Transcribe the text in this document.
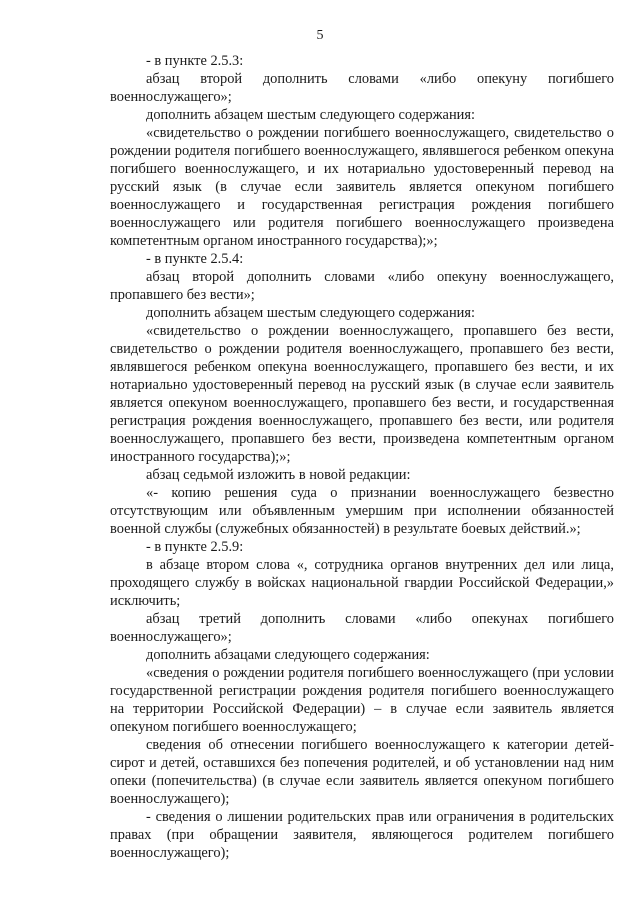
5

- в пункте 2.5.3:

абзац второй дополнить словами «либо опекуну погибшего военнослужащего»;

дополнить абзацем шестым следующего содержания:

«свидетельство о рождении погибшего военнослужащего, свидетельство о рождении родителя погибшего военнослужащего, являвшегося ребенком опекуна погибшего военнослужащего, и их нотариально удостоверенный перевод на русский язык (в случае если заявитель является опекуном погибшего военнослужащего и государственная регистрация рождения погибшего военнослужащего или родителя погибшего военнослужащего произведена компетентным органом иностранного государства);»;

- в пункте 2.5.4:

абзац второй дополнить словами «либо опекуну военнослужащего, пропавшего без вести»;

дополнить абзацем шестым следующего содержания:

«свидетельство о рождении военнослужащего, пропавшего без вести, свидетельство о рождении родителя военнослужащего, пропавшего без вести, являвшегося ребенком опекуна военнослужащего, пропавшего без вести, и их нотариально удостоверенный перевод на русский язык (в случае если заявитель является опекуном военнослужащего, пропавшего без вести, и государственная регистрация рождения военнослужащего, пропавшего без вести, или родителя военнослужащего, пропавшего без вести, произведена компетентным органом иностранного государства);»;

абзац седьмой изложить в новой редакции:

«- копию решения суда о признании военнослужащего безвестно отсутствующим или объявленным умершим при исполнении обязанностей военной службы (служебных обязанностей) в результате боевых действий.»;

- в пункте 2.5.9:

в абзаце втором слова «, сотрудника органов внутренних дел или лица, проходящего службу в войсках национальной гвардии Российской Федерации,» исключить;

абзац третий дополнить словами «либо опекунах погибшего военнослужащего»;

дополнить абзацами следующего содержания:

«сведения о рождении родителя погибшего военнослужащего (при условии государственной регистрации рождения родителя погибшего военнослужащего на территории Российской Федерации) – в случае если заявитель является опекуном погибшего военнослужащего;

сведения об отнесении погибшего военнослужащего к категории детей-сирот и детей, оставшихся без попечения родителей, и об установлении над ним опеки (попечительства) (в случае если заявитель является опекуном погибшего военнослужащего);

- сведения о лишении родительских прав или ограничения в родительских правах (при обращении заявителя, являющегося родителем погибшего военнослужащего);
